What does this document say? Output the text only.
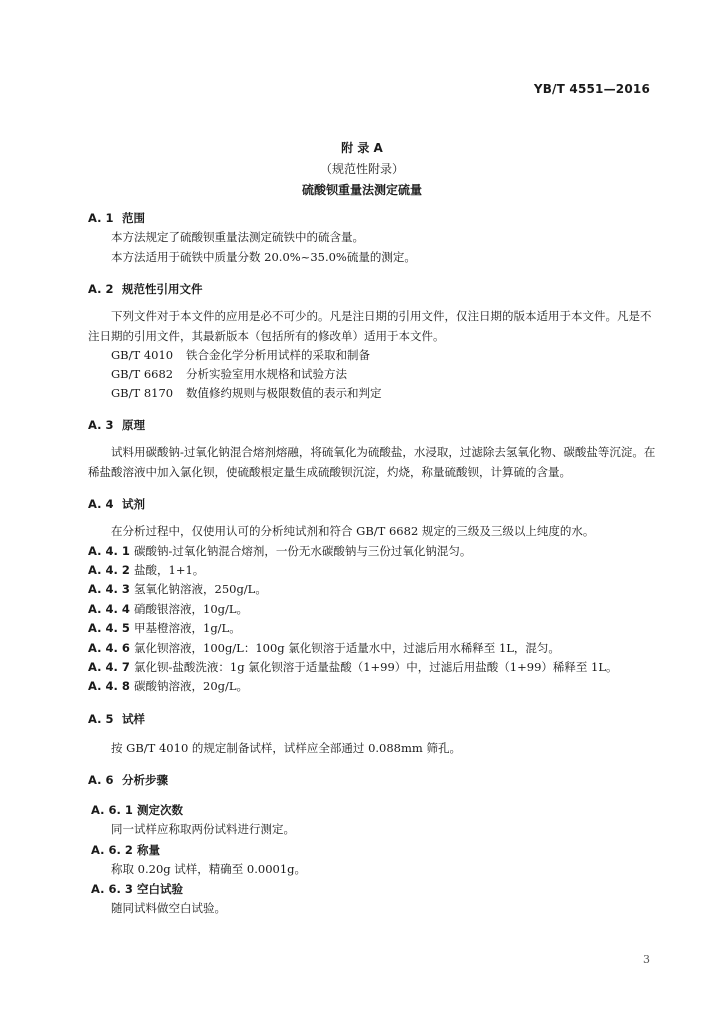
YB/T 4551—2016
附 录 A
（规范性附录）
硫酸钡重量法测定硫量
A. 1 范围

本方法规定了硫酸钡重量法测定硫铁中的硫含量。

本方法适用于硫铁中质量分数 20.0%~35.0%硫量的测定。

A. 2 规范性引用文件

下列文件对于本文件的应用是必不可少的。凡是注日期的引用文件，仅注日期的版本适用于本文件。凡是不注日期的引用文件，其最新版本（包括所有的修改单）适用于本文件。

GB/T 4010 铁合金化学分析用试样的采取和制备
GB/T 6682 分析实验室用水规格和试验方法
GB/T 8170 数值修约规则与极限数值的表示和判定
A. 3 原理

试料用碳酸钠-过氧化钠混合熔剂熔融，将硫氧化为硫酸盐，水浸取，过滤除去氢氧化物、碳酸盐等沉淀。在稀盐酸溶液中加入氯化钡，使硫酸根定量生成硫酸钡沉淀，灼烧，称量硫酸钡，计算硫的含量。

A. 4 试剂

在分析过程中，仅使用认可的分析纯试剂和符合 GB/T 6682 规定的三级及三级以上纯度的水。

A. 4. 1 碳酸钠-过氧化钠混合熔剂，一份无水碳酸钠与三份过氧化钠混匀。
A. 4. 2 盐酸，1+1。
A. 4. 3 氢氧化钠溶液，250g/L。
A. 4. 4 硝酸银溶液，10g/L。
A. 4. 5 甲基橙溶液，1g/L。
A. 4. 6 氯化钡溶液，100g/L：100g 氯化钡溶于适量水中，过滤后用水稀释至 1L，混匀。
A. 4. 7 氯化钡-盐酸洗液：1g 氯化钡溶于适量盐酸（1+99）中，过滤后用盐酸（1+99）稀释至 1L。
A. 4. 8 碳酸钠溶液，20g/L。
A. 5 试样

按 GB/T 4010 的规定制备试样，试样应全部通过 0.088mm 筛孔。

A. 6 分析步骤
A. 6. 1 测定次数

同一试样应称取两份试料进行测定。

A. 6. 2 称量

称取 0.20g 试样，精确至 0.0001g。

A. 6. 3 空白试验

随同试料做空白试验。

3
